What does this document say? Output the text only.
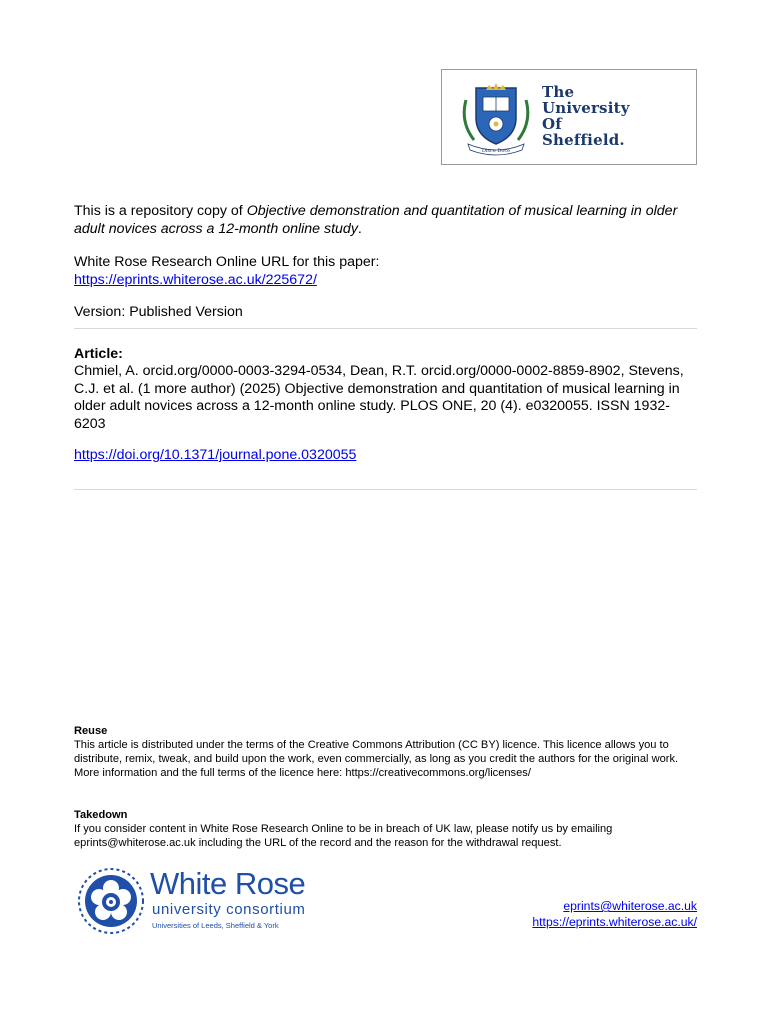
Disce Doce
The
University
Of
Sheffield.
This is a repository copy of Objective demonstration and quantitation of musical learning in older adult novices across a 12-month online study.
White Rose Research Online URL for this paper:
https://eprints.whiterose.ac.uk/225672/
Version: Published Version
Article:
Chmiel, A. orcid.org/0000-0003-3294-0534, Dean, R.T. orcid.org/0000-0002-8859-8902, Stevens, C.J. et al. (1 more author) (2025) Objective demonstration and quantitation of musical learning in older adult novices across a 12-month online study. PLOS ONE, 20 (4). e0320055. ISSN 1932-6203
https://doi.org/10.1371/journal.pone.0320055
Reuse
This article is distributed under the terms of the Creative Commons Attribution (CC BY) licence. This licence allows you to distribute, remix, tweak, and build upon the work, even commercially, as long as you credit the authors for the original work. More information and the full terms of the licence here: https://creativecommons.org/licenses/
Takedown
If you consider content in White Rose Research Online to be in breach of UK law, please notify us by emailing eprints@whiterose.ac.uk including the URL of the record and the reason for the withdrawal request.
White Rose
university consortium
Universities of Leeds, Sheffield & York
eprints@whiterose.ac.uk
https://eprints.whiterose.ac.uk/
